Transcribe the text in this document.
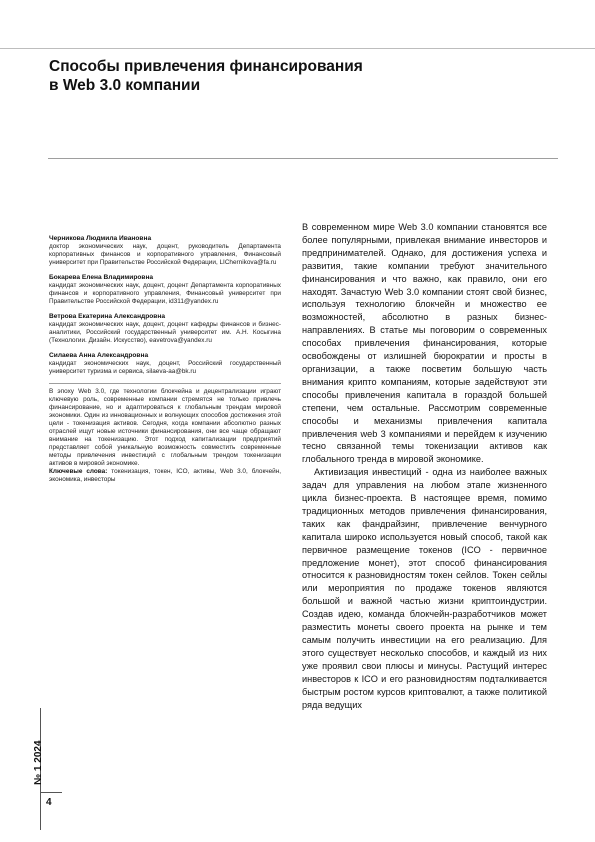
Способы привлечения финансирования
в Web 3.0 компании
Черникова Людмила Ивановна
доктор экономических наук, доцент, руководитель Департамента корпоративных финансов и корпоративного управления, Финансовый университет при Правительстве Российской Федерации, LIChernikova@fa.ru
Бокарева Елена Владимировна
кандидат экономических наук, доцент, доцент Департамента корпоративных финансов и корпоративного управления, Финансовый университет при Правительстве Российской Федерации, id311@yandex.ru
Ветрова Екатерина Александровна
кандидат экономических наук, доцент, доцент кафедры финансов и бизнес-аналитики, Российский государственный университет им. А.Н. Косыгина (Технологии. Дизайн. Искусство), eavetrova@yandex.ru
Силаева Анна Александровна
кандидат экономических наук, доцент, Российский государственный университет туризма и сервиса, silaeva-aa@bk.ru

В эпоху Web 3.0, где технологии блокчейна и децентрализации играют ключевую роль, современные компании стремятся не только привлечь финансирование, но и адаптироваться к глобальным трендам мировой экономики. Один из инновационных и волнующих способов достижения этой цели - токенизация активов. Сегодня, когда компании абсолютно разных отраслей ищут новые источники финансирования, они все чаще обращают внимание на токенизацию. Этот подход капитализации предприятий представляет собой уникальную возможность совместить современные методы привлечения инвестиций с глобальным трендом токенизации активов в мировой экономике.

Ключевые слова: токенизация, токен, ICO, активы, Web 3.0, блокчейн, экономика, инвесторы

В современном мире Web 3.0 компании становятся все более популярными, привлекая внимание инвесторов и предпринимателей. Однако, для достижения успеха и развития, такие компании требуют значительного финансирования и что важно, как правило, они его находят. Зачастую Web 3.0 компании стоят свой бизнес, используя технологию блокчейн и множество ее возможностей, абсолютно в разных бизнес-направлениях. В статье мы поговорим о современных способах привлечения финансирования, которые освобождены от излишней бюрократии и просты в организации, а также посветим большую часть внимания крипто компаниям, которые задействуют эти способы привлечения капитала в гораздой большей степени, чем остальные. Рассмотрим современные способы и механизмы привлечения капитала привлечения web 3 компаниями и перейдем к изучению тесно связанной темы токенизации активов как глобального тренда в мировой экономике.

Активизация инвестиций - одна из наиболее важных задач для управления на любом этапе жизненного цикла бизнес-проекта. В настоящее время, помимо традиционных методов привлечения финансирования, таких как фандрайзинг, привлечение венчурного капитала широко используется новый способ, такой как первичное размещение токенов (ICO - первичное предложение монет), этот способ финансирования относится к разновидностям токен сейлов. Токен сейлы или мероприятия по продаже токенов являются большой и важной частью жизни криптоиндустрии. Создав идею, команда блокчейн-разработчиков может разместить монеты своего проекта на рынке и тем самым получить инвестиции на его реализацию. Для этого существует несколько способов, и каждый из них уже проявил свои плюсы и минусы. Растущий интерес инвесторов к ICO и его разновидностям подталкивается быстрым ростом курсов криптовалют, а также политикой ряда ведущих

№ 1 2024
4
